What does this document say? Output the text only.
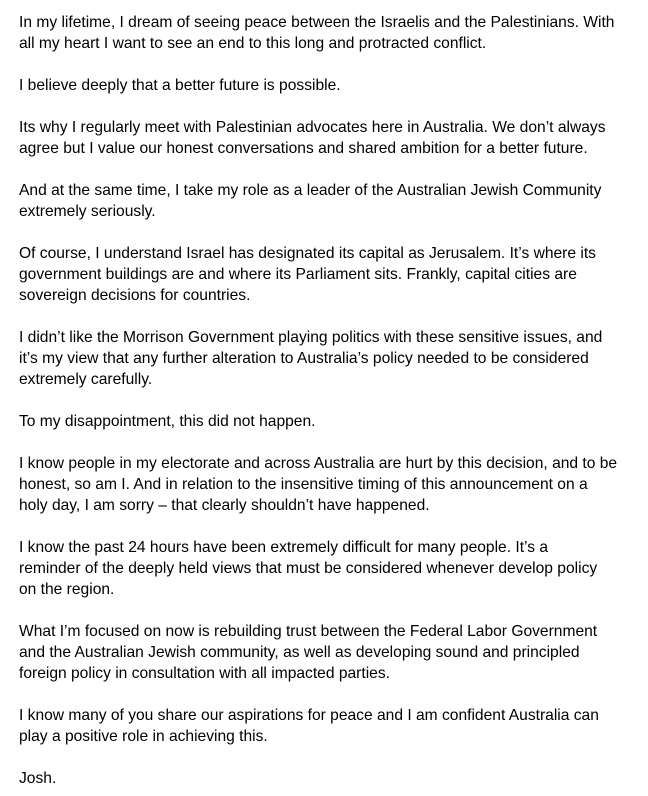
In my lifetime, I dream of seeing peace between the Israelis and the Palestinians. With
all my heart I want to see an end to this long and protracted conflict.

I believe deeply that a better future is possible.

Its why I regularly meet with Palestinian advocates here in Australia. We don’t always
agree but I value our honest conversations and shared ambition for a better future.

And at the same time, I take my role as a leader of the Australian Jewish Community
extremely seriously.

Of course, I understand Israel has designated its capital as Jerusalem. It’s where its
government buildings are and where its Parliament sits. Frankly, capital cities are
sovereign decisions for countries.

I didn’t like the Morrison Government playing politics with these sensitive issues, and
it’s my view that any further alteration to Australia’s policy needed to be considered
extremely carefully.

To my disappointment, this did not happen.

I know people in my electorate and across Australia are hurt by this decision, and to be
honest, so am I. And in relation to the insensitive timing of this announcement on a
holy day, I am sorry – that clearly shouldn’t have happened.

I know the past 24 hours have been extremely difficult for many people. It’s a
reminder of the deeply held views that must be considered whenever develop policy
on the region.

What I’m focused on now is rebuilding trust between the Federal Labor Government
and the Australian Jewish community, as well as developing sound and principled
foreign policy in consultation with all impacted parties.

I know many of you share our aspirations for peace and I am confident Australia can
play a positive role in achieving this.

Josh.
